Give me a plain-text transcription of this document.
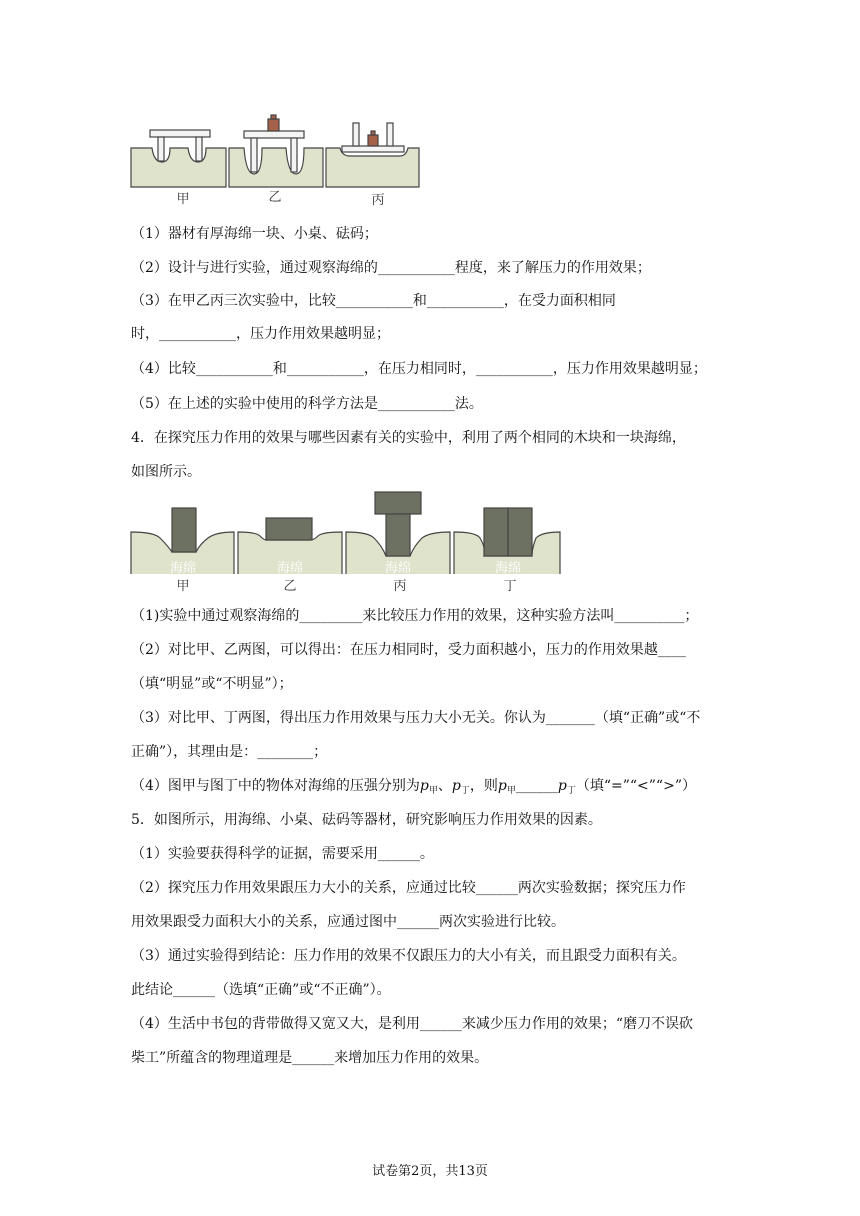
甲	乙	丙
（1）器材有厚海绵一块、小桌、砝码；
（2）设计与进行实验，通过观察海绵的___________程度，来了解压力的作用效果；
（3）在甲乙丙三次实验中，比较___________和___________，在受力面积相同
时，___________，压力作用效果越明显；
（4）比较___________和___________，在压力相同时，___________，压力作用效果越明显；
（5）在上述的实验中使用的科学方法是___________法。
4．在探究压力作用的效果与哪些因素有关的实验中，利用了两个相同的木块和一块海绵，
如图所示。
海绵	海绵	海绵	海绵
甲	乙	丙	丁
（1)实验中通过观察海绵的_________来比较压力作用的效果，这种实验方法叫__________；
（2）对比甲、乙两图，可以得出：在压力相同时，受力面积越小，压力的作用效果越____
（填“明显”或“不明显”）；
（3）对比甲、丁两图，得出压力作用效果与压力大小无关。你认为_______（填“正确”或“不
正确”），其理由是：________；
（4）图甲与图丁中的物体对海绵的压强分别为$p_甲$、$p_丁$，则$p_甲\_\_\_\_\_\_p_丁$（填“=”“<”“>”）
5．如图所示，用海绵、小桌、砝码等器材，研究影响压力作用效果的因素。
（1）实验要获得科学的证据，需要采用______。
（2）探究压力作用效果跟压力大小的关系，应通过比较______两次实验数据；探究压力作
用效果跟受力面积大小的关系，应通过图中______两次实验进行比较。
（3）通过实验得到结论：压力作用的效果不仅跟压力的大小有关，而且跟受力面积有关。
此结论______（选填“正确”或“不正确”）。
（4）生活中书包的背带做得又宽又大，是利用______来减少压力作用的效果；“磨刀不误砍
柴工”所蕴含的物理道理是______来增加压力作用的效果。
试卷第2页，共13页
